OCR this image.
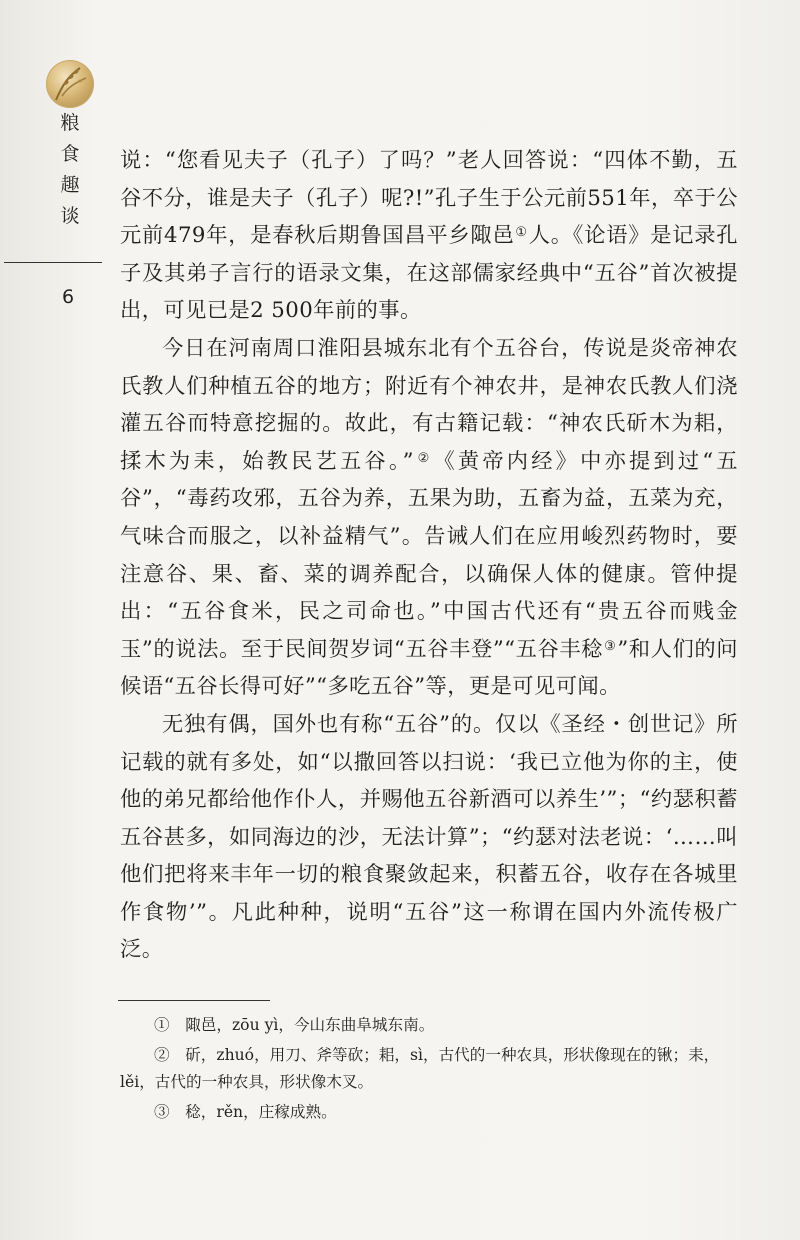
粮
食
趣
谈
6

说：“您看见夫子（孔子）了吗？”老人回答说：“四体不勤，五谷不分，谁是夫子（孔子）呢?!”孔子生于公元前551年，卒于公元前479年，是春秋后期鲁国昌平乡陬邑①人。《论语》是记录孔子及其弟子言行的语录文集，在这部儒家经典中“五谷”首次被提出，可见已是2 500年前的事。

今日在河南周口淮阳县城东北有个五谷台，传说是炎帝神农氏教人们种植五谷的地方；附近有个神农井，是神农氏教人们浇灌五谷而特意挖掘的。故此，有古籍记载：“神农氏斫木为耜，揉木为耒，始教民艺五谷。”②《黄帝内经》中亦提到过“五谷”，“毒药攻邪，五谷为养，五果为助，五畜为益，五菜为充，气味合而服之，以补益精气”。告诫人们在应用峻烈药物时，要注意谷、果、畜、菜的调养配合，以确保人体的健康。管仲提出：“五谷食米，民之司命也。”中国古代还有“贵五谷而贱金玉”的说法。至于民间贺岁词“五谷丰登”“五谷丰稔③”和人们的问候语“五谷长得可好”“多吃五谷”等，更是可见可闻。

无独有偶，国外也有称“五谷”的。仅以《圣经・创世记》所记载的就有多处，如“以撒回答以扫说：‘我已立他为你的主，使他的弟兄都给他作仆人，并赐他五谷新酒可以养生’”；“约瑟积蓄五谷甚多，如同海边的沙，无法计算”；“约瑟对法老说：‘……叫他们把将来丰年一切的粮食聚敛起来，积蓄五谷，收存在各城里作食物’”。凡此种种，说明“五谷”这一称谓在国内外流传极广泛。

①　陬邑，zōu yì，今山东曲阜城东南。

②　斫，zhuó，用刀、斧等砍；耜，sì，古代的一种农具，形状像现在的锹；耒，lěi，古代的一种农具，形状像木叉。

③　稔，rěn，庄稼成熟。
